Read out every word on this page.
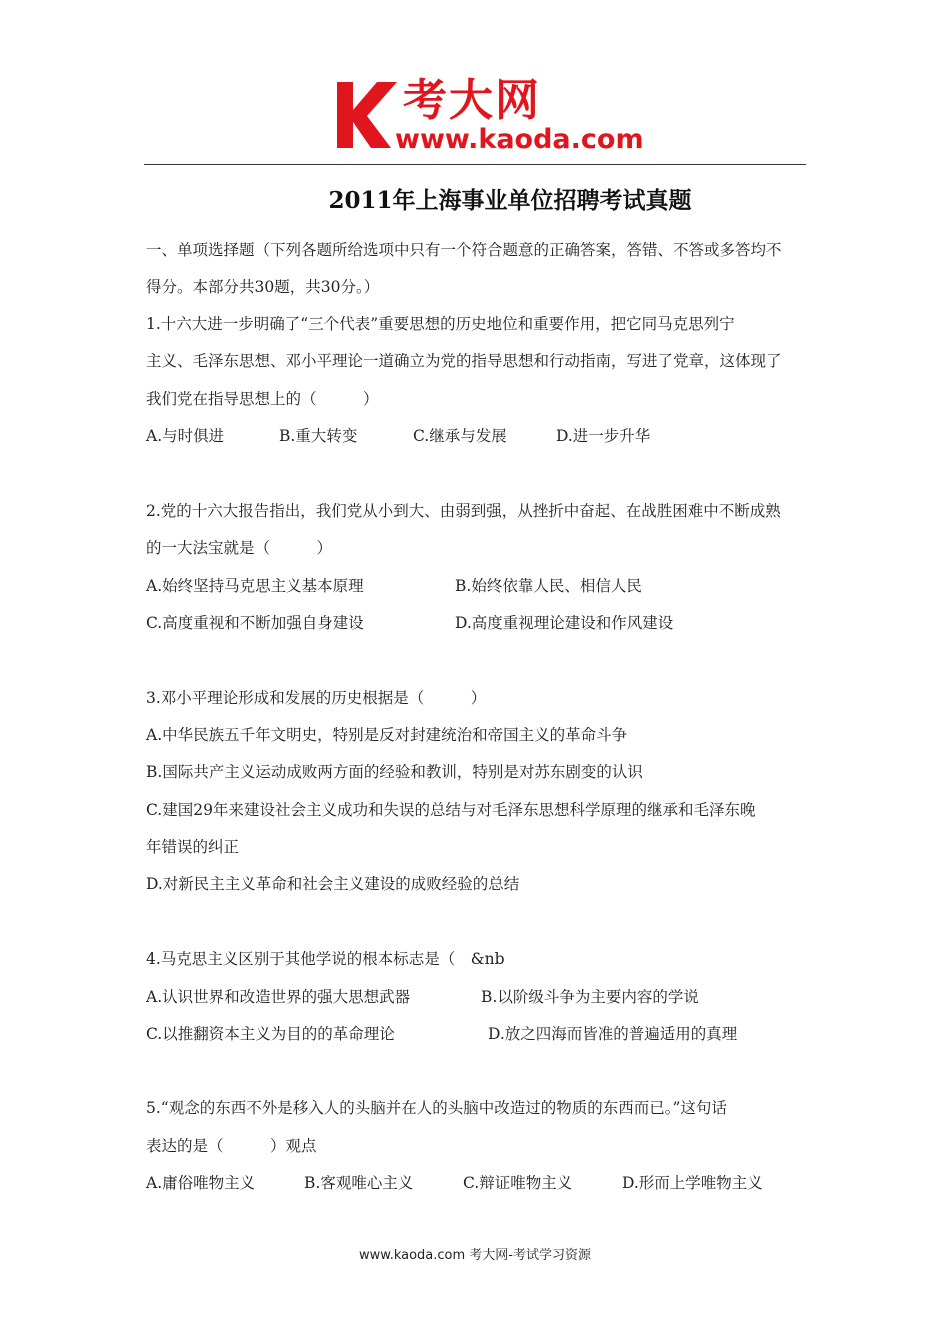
考大网
www.kaoda.com
2011年上海事业单位招聘考试真题
一、单项选择题（下列各题所给选项中只有一个符合题意的正确答案，答错、不答或多答均不
得分。本部分共30题，共30分。）
1.十六大进一步明确了“三个代表”重要思想的历史地位和重要作用，把它同马克思列宁
主义、毛泽东思想、邓小平理论一道确立为党的指导思想和行动指南，写进了党章，这体现了
我们党在指导思想上的（　　　）
A.与时俱进	B.重大转变	C.继承与发展	D.进一步升华
2.党的十六大报告指出，我们党从小到大、由弱到强，从挫折中奋起、在战胜困难中不断成熟
的一大法宝就是（　　　）
A.始终坚持马克思主义基本原理	B.始终依靠人民、相信人民
C.高度重视和不断加强自身建设	D.高度重视理论建设和作风建设
3.邓小平理论形成和发展的历史根据是（　　　）
A.中华民族五千年文明史，特别是反对封建统治和帝国主义的革命斗争
B.国际共产主义运动成败两方面的经验和教训，特别是对苏东剧变的认识
C.建国29年来建设社会主义成功和失误的总结与对毛泽东思想科学原理的继承和毛泽东晚
年错误的纠正
D.对新民主主义革命和社会主义建设的成败经验的总结
4.马克思主义区别于其他学说的根本标志是（　&nb
A.认识世界和改造世界的强大思想武器	B.以阶级斗争为主要内容的学说
C.以推翻资本主义为目的的革命理论	D.放之四海而皆准的普遍适用的真理
5.“观念的东西不外是移入人的头脑并在人的头脑中改造过的物质的东西而已。”这句话
表达的是（　　　）观点
A.庸俗唯物主义	B.客观唯心主义	C.辩证唯物主义	D.形而上学唯物主义
www.kaoda.com 考大网-考试学习资源
